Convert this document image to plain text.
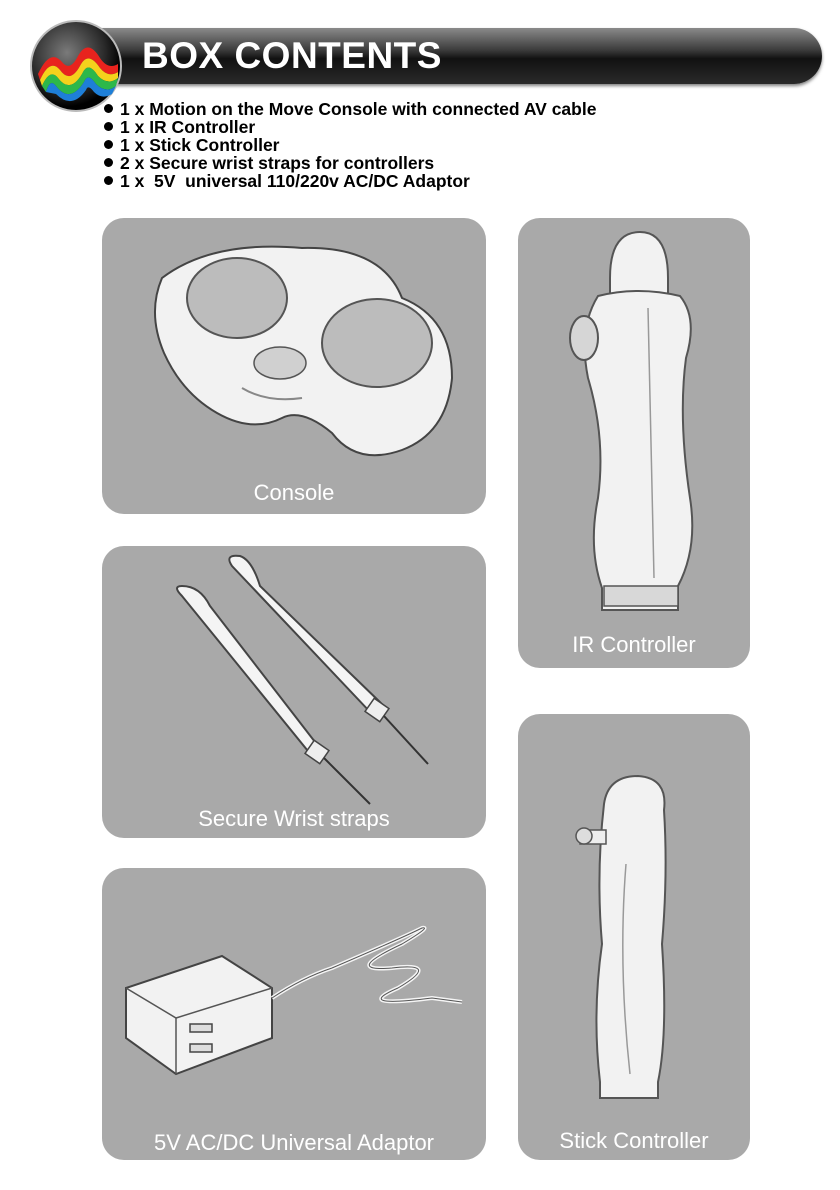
BOX CONTENTS
1 x Motion on the Move Console with connected AV cable
1 x IR Controller
1 x Stick Controller
2 x Secure wrist straps for controllers
1 x  5V  universal 110/220v AC/DC Adaptor
Console
IR Controller
Secure Wrist straps
Stick Controller
5V AC/DC Universal Adaptor
